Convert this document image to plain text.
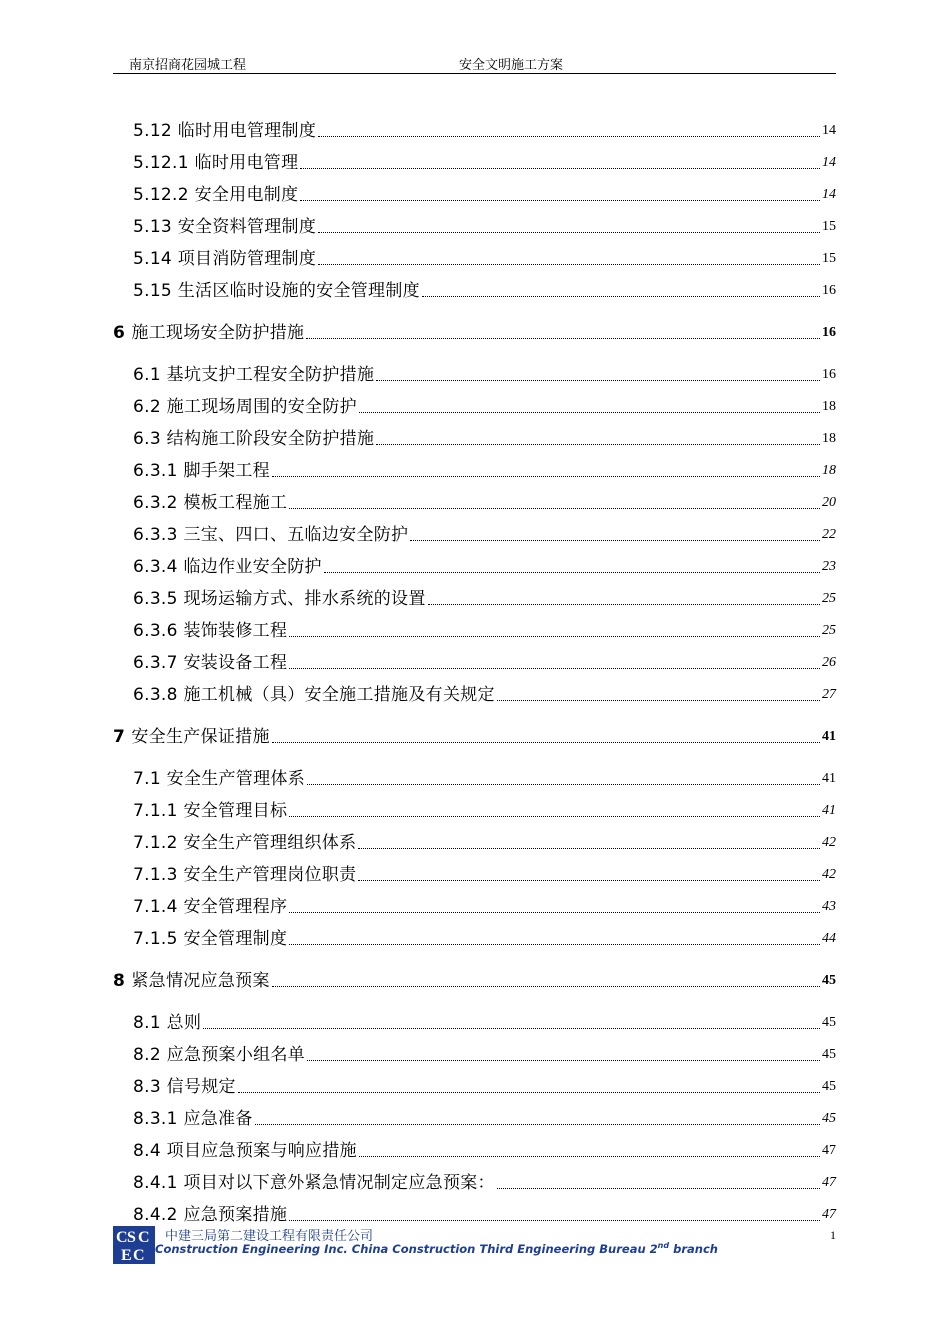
南京招商花园城工程	安全文明施工方案
5.12 临时用电管理制度	14
5.12.1 临时用电管理	14
5.12.2 安全用电制度	14
5.13 安全资料管理制度	15
5.14 项目消防管理制度	15
5.15 生活区临时设施的安全管理制度	16
6 施工现场安全防护措施	16
6.1 基坑支护工程安全防护措施	16
6.2 施工现场周围的安全防护	18
6.3 结构施工阶段安全防护措施	18
6.3.1 脚手架工程	18
6.3.2 模板工程施工	20
6.3.3 三宝、四口、五临边安全防护	22
6.3.4 临边作业安全防护	23
6.3.5 现场运输方式、排水系统的设置	25
6.3.6 装饰装修工程	25
6.3.7 安装设备工程	26
6.3.8 施工机械（具）安全施工措施及有关规定	27
7 安全生产保证措施	41
7.1 安全生产管理体系	41
7.1.1 安全管理目标	41
7.1.2 安全生产管理组织体系	42
7.1.3 安全生产管理岗位职责	42
7.1.4 安全管理程序	43
7.1.5 安全管理制度	44
8 紧急情况应急预案	45
8.1 总则	45
8.2 应急预案小组名单	45
8.3 信号规定	45
8.3.1 应急准备	45
8.4 项目应急预案与响应措施	47
8.4.1 项目对以下意外紧急情况制定应急预案：	47
8.4.2 应急预案措施	47
C S C
E C
中建三局第二建设工程有限责任公司
Construction Engineering Inc. China Construction Third Engineering Bureau 2nd branch
1
